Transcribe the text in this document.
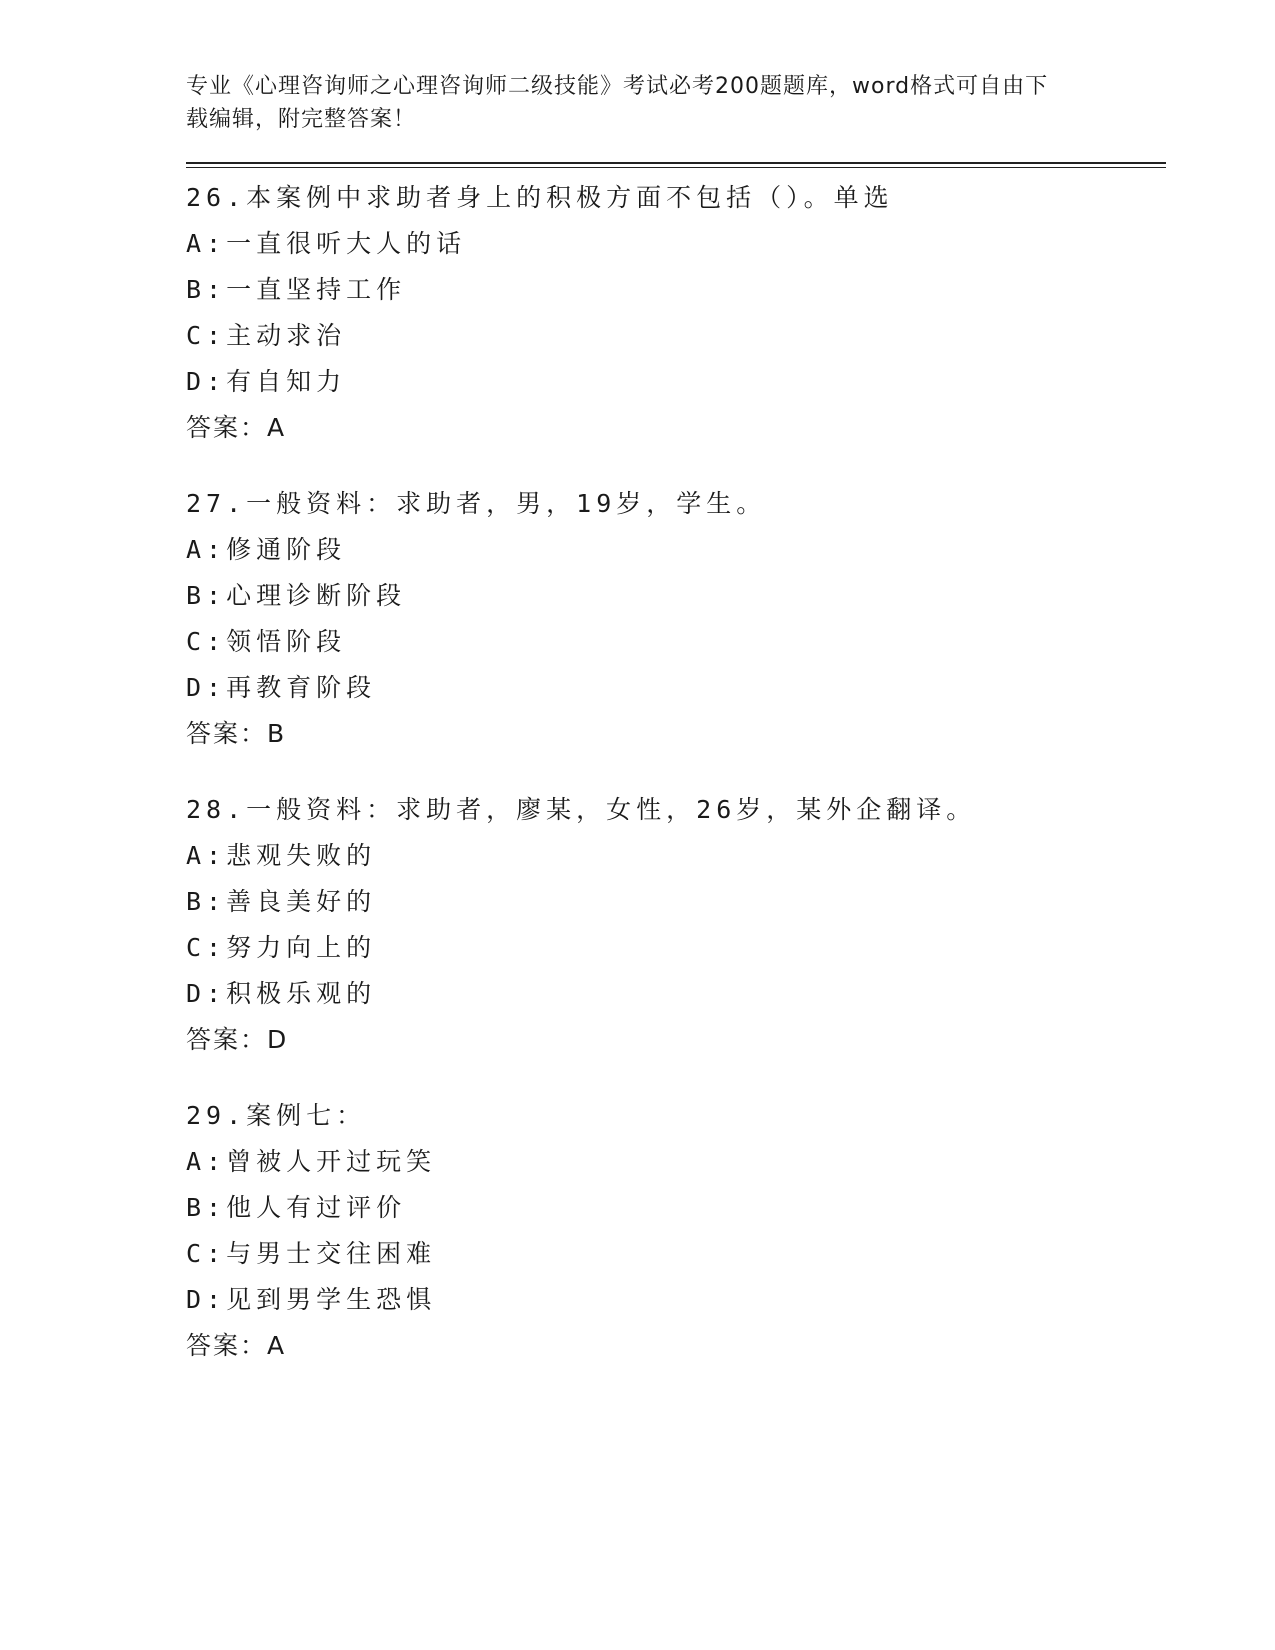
专业《心理咨询师之心理咨询师二级技能》考试必考200题题库，word格式可自由下载编辑，附完整答案！

26.本案例中求助者身上的积极方面不包括（）。单选
A:一直很听大人的话
B:一直坚持工作
C:主动求治
D:有自知力
答案：A
27.一般资料：求助者，男，19岁，学生。
A:修通阶段
B:心理诊断阶段
C:领悟阶段
D:再教育阶段
答案：B
28.一般资料：求助者，廖某，女性，26岁，某外企翻译。
A:悲观失败的
B:善良美好的
C:努力向上的
D:积极乐观的
答案：D
29.案例七：
A:曾被人开过玩笑
B:他人有过评价
C:与男士交往困难
D:见到男学生恐惧
答案：A
